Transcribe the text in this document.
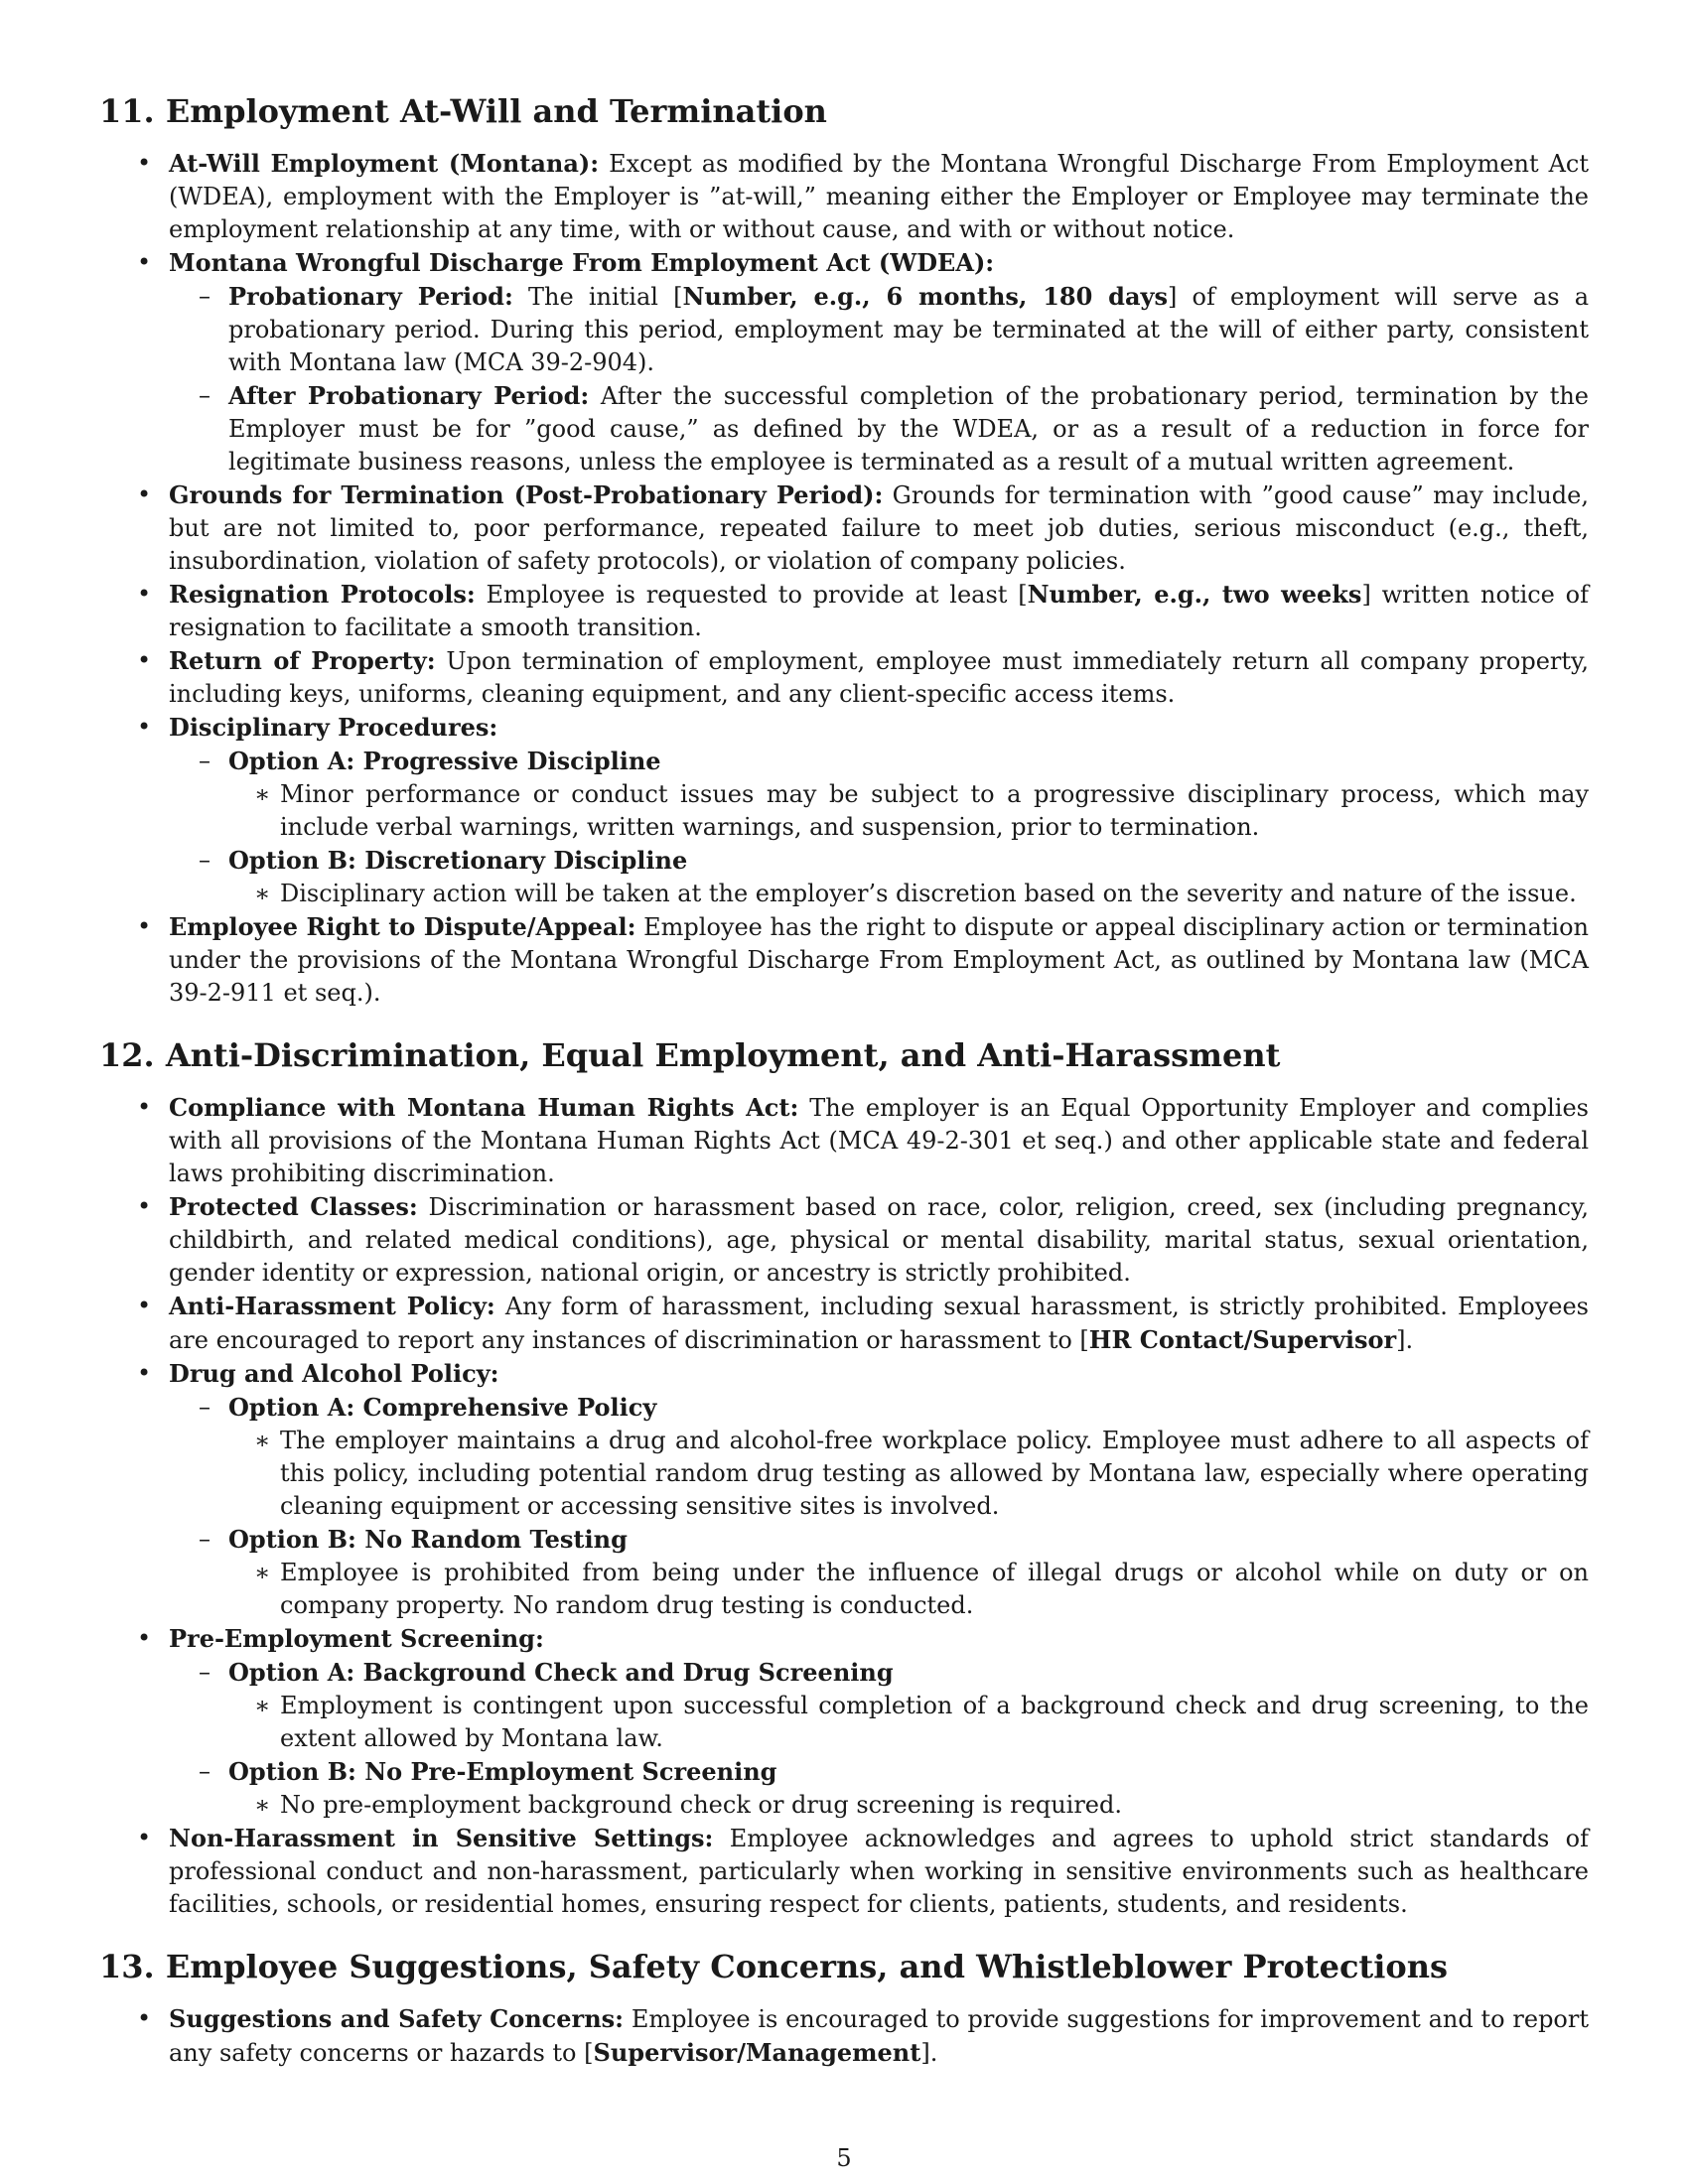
11. Employment At-Will and Termination

• At-Will Employment (Montana): Except as modified by the Montana Wrongful Discharge From Employment Act (WDEA), employment with the Employer is ”at-will,” meaning either the Employer or Employee may terminate the employment relationship at any time, with or without cause, and with or without notice.

• Montana Wrongful Discharge From Employment Act (WDEA):

– Probationary Period: The initial [Number, e.g., 6 months, 180 days] of employment will serve as a probationary period. During this period, employment may be terminated at the will of either party, consistent with Montana law (MCA 39-2-904).

– After Probationary Period: After the successful completion of the probationary period, termination by the Employer must be for ”good cause,” as defined by the WDEA, or as a result of a reduction in force for legitimate business reasons, unless the employee is terminated as a result of a mutual written agreement.

• Grounds for Termination (Post-Probationary Period): Grounds for termination with ”good cause” may include, but are not limited to, poor performance, repeated failure to meet job duties, serious misconduct (e.g., theft, insubordination, violation of safety protocols), or violation of company policies.

• Resignation Protocols: Employee is requested to provide at least [Number, e.g., two weeks] written notice of resignation to facilitate a smooth transition.

• Return of Property: Upon termination of employment, employee must immediately return all company property, including keys, uniforms, cleaning equipment, and any client-specific access items.

• Disciplinary Procedures:

– Option A: Progressive Discipline

∗ Minor performance or conduct issues may be subject to a progressive disciplinary process, which may include verbal warnings, written warnings, and suspension, prior to termination.

– Option B: Discretionary Discipline

∗ Disciplinary action will be taken at the employer’s discretion based on the severity and nature of the issue.

• Employee Right to Dispute/Appeal: Employee has the right to dispute or appeal disciplinary action or termination under the provisions of the Montana Wrongful Discharge From Employment Act, as outlined by Montana law (MCA 39-2-911 et seq.).

12. Anti-Discrimination, Equal Employment, and Anti-Harassment

• Compliance with Montana Human Rights Act: The employer is an Equal Opportunity Employer and complies with all provisions of the Montana Human Rights Act (MCA 49-2-301 et seq.) and other applicable state and federal laws prohibiting discrimination.

• Protected Classes: Discrimination or harassment based on race, color, religion, creed, sex (including pregnancy, childbirth, and related medical conditions), age, physical or mental disability, marital status, sexual orientation, gender identity or expression, national origin, or ancestry is strictly prohibited.

• Anti-Harassment Policy: Any form of harassment, including sexual harassment, is strictly prohibited. Employees are encouraged to report any instances of discrimination or harassment to [HR Contact/Supervisor].

• Drug and Alcohol Policy:

– Option A: Comprehensive Policy

∗ The employer maintains a drug and alcohol-free workplace policy. Employee must adhere to all aspects of this policy, including potential random drug testing as allowed by Montana law, especially where operating cleaning equipment or accessing sensitive sites is involved.

– Option B: No Random Testing

∗ Employee is prohibited from being under the influence of illegal drugs or alcohol while on duty or on company property. No random drug testing is conducted.

• Pre-Employment Screening:

– Option A: Background Check and Drug Screening

∗ Employment is contingent upon successful completion of a background check and drug screening, to the extent allowed by Montana law.

– Option B: No Pre-Employment Screening

∗ No pre-employment background check or drug screening is required.

• Non-Harassment in Sensitive Settings: Employee acknowledges and agrees to uphold strict standards of professional conduct and non-harassment, particularly when working in sensitive environments such as healthcare facilities, schools, or residential homes, ensuring respect for clients, patients, students, and residents.

13. Employee Suggestions, Safety Concerns, and Whistleblower Protections

• Suggestions and Safety Concerns: Employee is encouraged to provide suggestions for improvement and to report any safety concerns or hazards to [Supervisor/Management].

5
